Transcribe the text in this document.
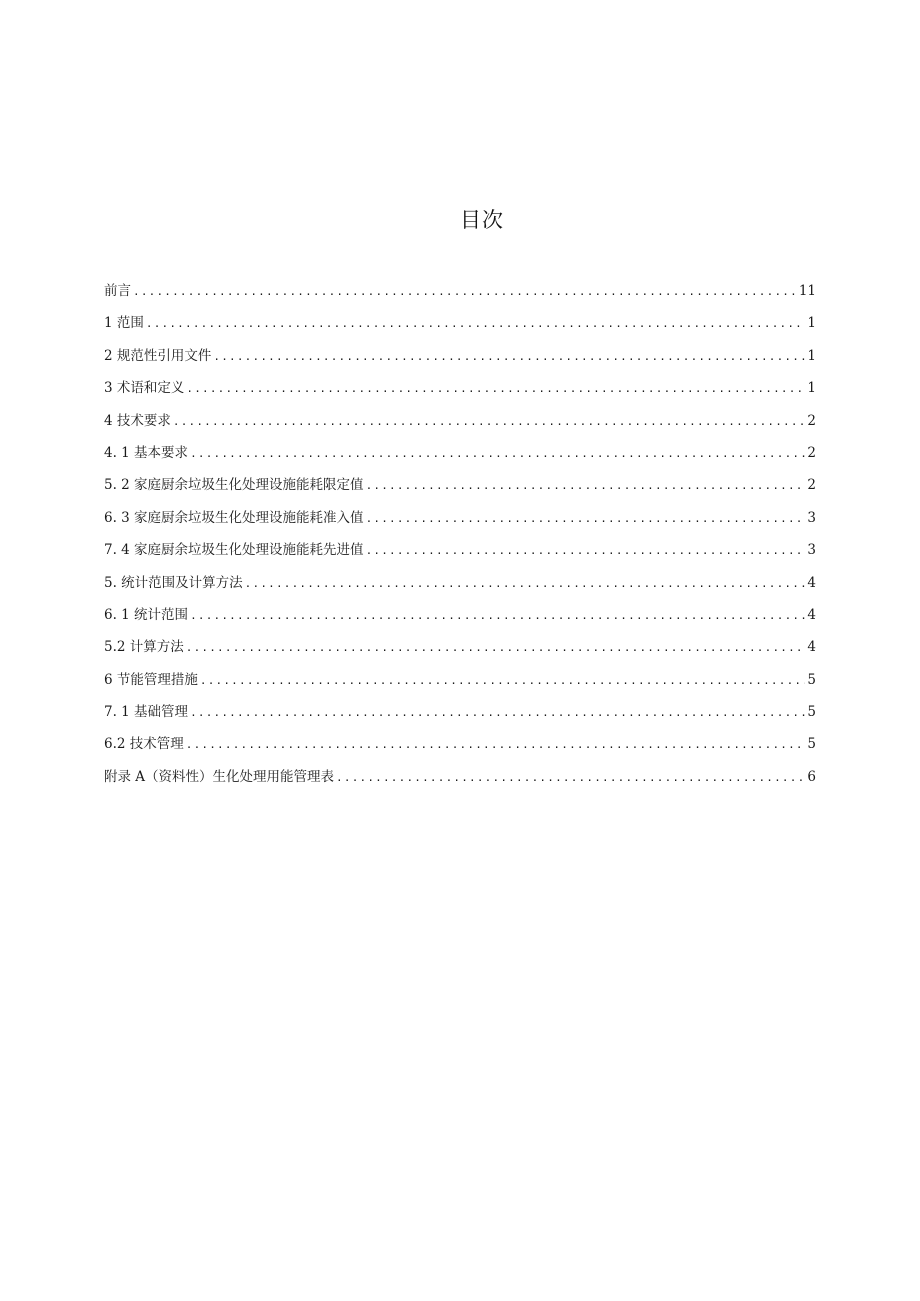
目次
前言 .....	11
1 范围 .....	1
2 规范性引用文件 .....	1
3 术语和定义 .....	1
4 技术要求 .....	2
4. 1 基本要求 .....	2
5. 2 家庭厨余垃圾生化处理设施能耗限定值 .....	2
6. 3 家庭厨余垃圾生化处理设施能耗准入值 .....	3
7. 4 家庭厨余垃圾生化处理设施能耗先进值 .....	3
5. 统计范围及计算方法 .....	4
6. 1 统计范围 .....	4
5.2 计算方法 .....	4
6 节能管理措施 .....	5
7. 1 基础管理 .....	5
6.2 技术管理 .....	5
附录 A（资料性）生化处理用能管理表 .....	6
